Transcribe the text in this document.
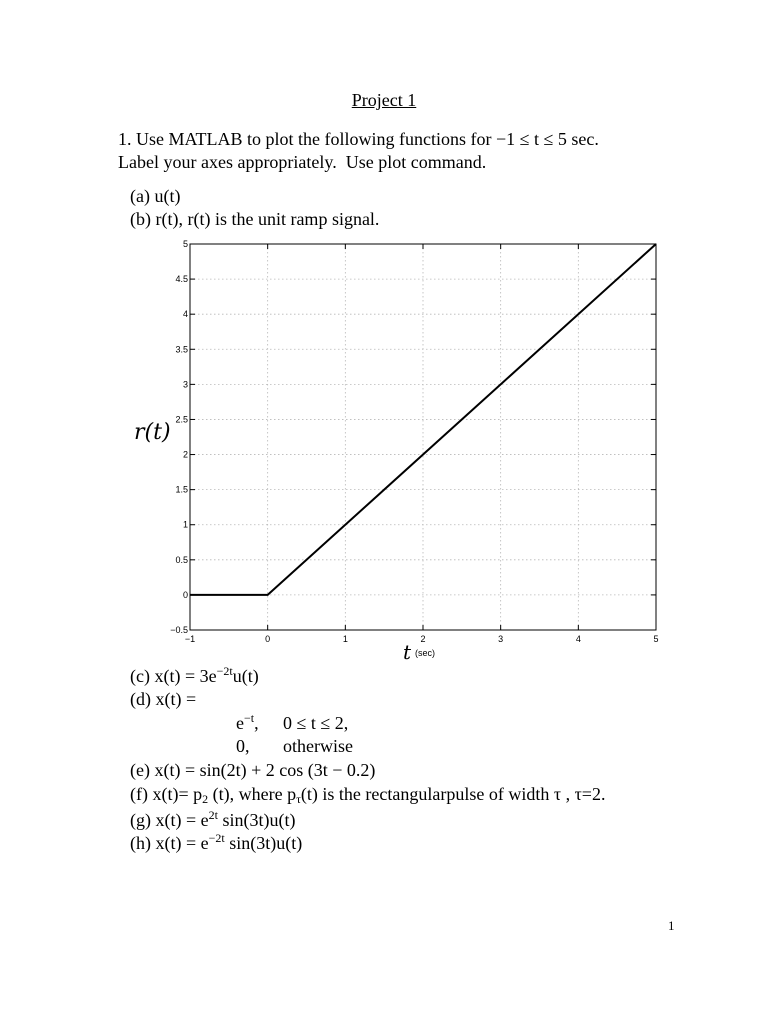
Project 1
1. Use MATLAB to plot the following functions for −1 ≤ t ≤ 5 sec.
Label your axes appropriately.  Use plot command.
(a) u(t)
(b) r(t), r(t) is the unit ramp signal.
−1	0	1	2	3	4	5
−0.5
0
0.5
1
1.5
2
2.5
3
3.5
4
4.5
5
r(t)
t (sec)
(c) $x(t) = 3e^{-2t}u(t)$
(d) x(t) =
$e^{-t}$, 0 ≤ t ≤ 2,
0, otherwise
(e) x(t) = sin(2t) + 2 cos (3t − 0.2)
(f) $x(t)= p_2$ (t), where $p_\tau(t)$ is the rectangularpulse of width τ , τ=2.
(g) $x(t) = e^{2t}$ sin(3t)u(t)
(h) $x(t) = e^{-2t}$ sin(3t)u(t)
1
